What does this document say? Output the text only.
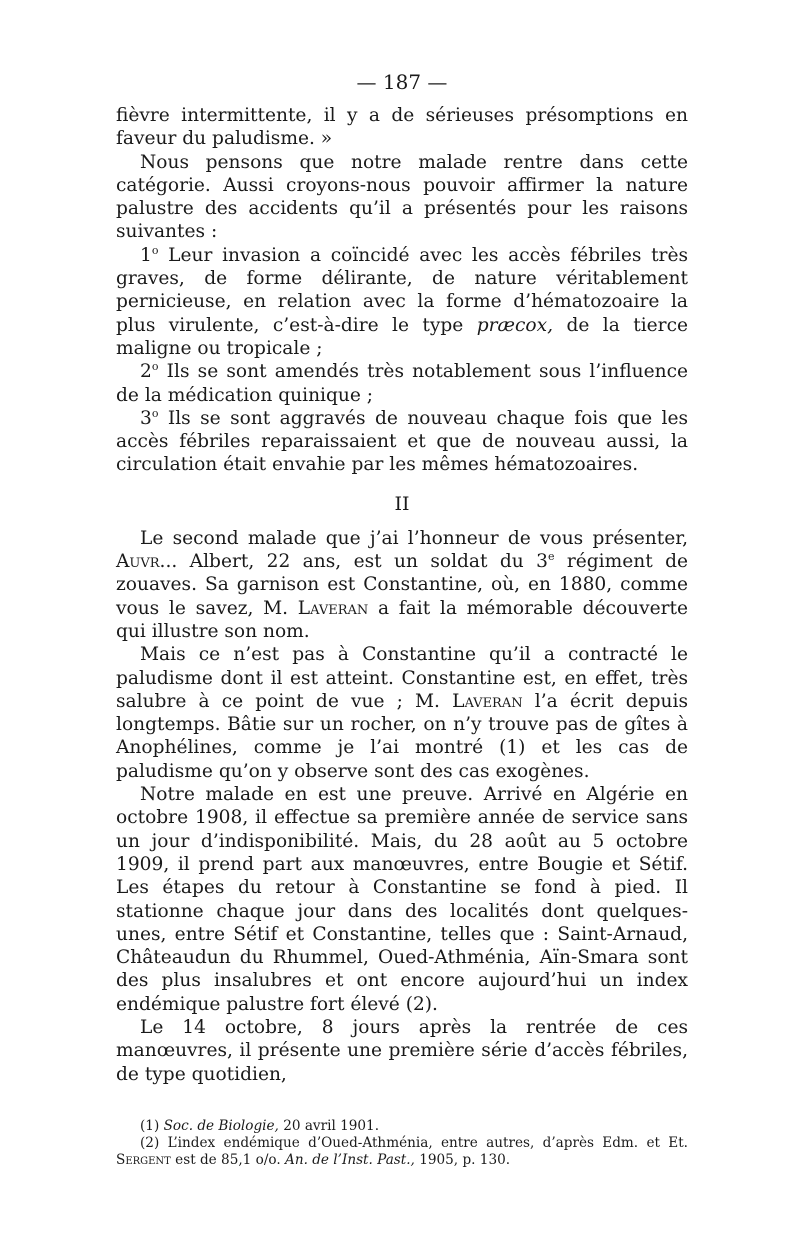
— 187 —

fièvre intermittente, il y a de sérieuses présomptions en faveur du paludisme. »

Nous pensons que notre malade rentre dans cette catégorie. Aussi croyons-nous pouvoir affirmer la nature palustre des accidents qu’il a présentés pour les raisons suivantes :

1$^o$ Leur invasion a coïncidé avec les accès fébriles très graves, de forme délirante, de nature véritablement pernicieuse, en relation avec la forme d’hématozoaire la plus virulente, c’est-à-dire le type præcox, de la tierce maligne ou tropicale ;

2$^o$ Ils se sont amendés très notablement sous l’influence de la médication quinique ;

3$^o$ Ils se sont aggravés de nouveau chaque fois que les accès fébriles reparaissaient et que de nouveau aussi, la circulation était envahie par les mêmes hématozoaires.

II

Le second malade que j’ai l’honneur de vous présenter, Auvr... Albert, 22 ans, est un soldat du 3e régiment de zouaves. Sa garnison est Constantine, où, en 1880, comme vous le savez, M. Laveran a fait la mémorable découverte qui illustre son nom.

Mais ce n’est pas à Constantine qu’il a contracté le paludisme dont il est atteint. Constantine est, en effet, très salubre à ce point de vue ; M. Laveran l’a écrit depuis longtemps. Bâtie sur un rocher, on n’y trouve pas de gîtes à Anophélines, comme je l’ai montré (1) et les cas de paludisme qu’on y observe sont des cas exogènes.

Notre malade en est une preuve. Arrivé en Algérie en octobre 1908, il effectue sa première année de service sans un jour d’indisponibilité. Mais, du 28 août au 5 octobre 1909, il prend part aux manœuvres, entre Bougie et Sétif. Les étapes du retour à Constantine se fond à pied. Il stationne chaque jour dans des localités dont quelques-unes, entre Sétif et Constantine, telles que : Saint-Arnaud, Châteaudun du Rhummel, Oued-Athménia, Aïn-Smara sont des plus insalubres et ont encore aujourd’hui un index endémique palustre fort élevé (2).

Le 14 octobre, 8 jours après la rentrée de ces manœuvres, il présente une première série d’accès fébriles, de type quotidien,

(1) Soc. de Biologie, 20 avril 1901.

(2) L’index endémique d’Oued-Athménia, entre autres, d’après Edm. et Et. Sergent est de 85,1 o/o. An. de l’Inst. Past., 1905, p. 130.
